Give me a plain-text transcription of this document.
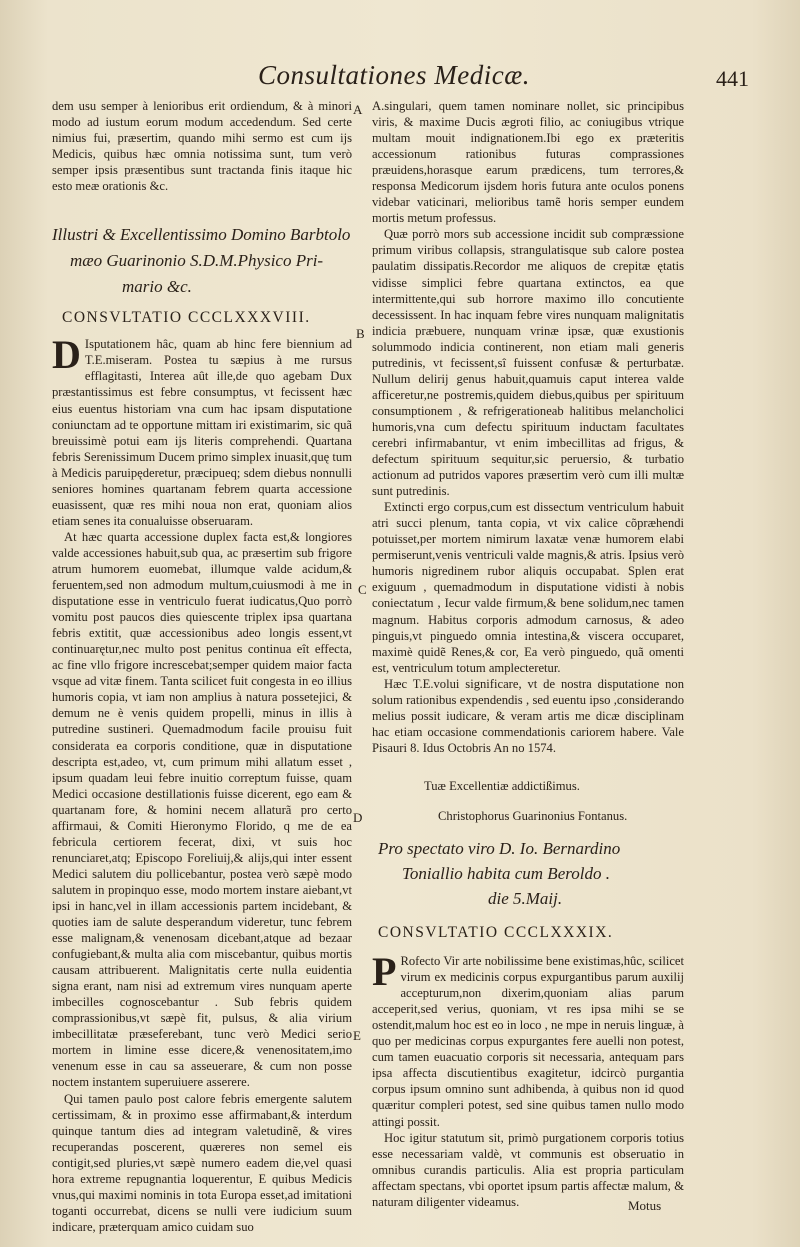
Consultationes Medicæ.	441
A
B
C
D
E

dem usu semper à lenioribus erit ordiendum, & à minori modo ad iustum eorum modum accedendum. Sed certe nimius fui, præsertim, quando mihi sermo est cum ijs Medicis, quibus hæc omnia notissima sunt, tum verò semper ipsis præsentibus sunt tractanda finis itaque hic esto meæ orationis &c.

Illustri & Excellentissimo Domino Barbtolo
mæo Guarinonio S.D.M.Physico Pri-
mario &c.
CONSVLTATIO CCCLXXXVIII.

D Isputationem hâc, quam ab hinc fere biennium ad T.E.miseram. Postea tu sæpius à me rursus efflagitasti, Interea aût ille,de quo agebam Dux præstantissimus est febre consumptus, vt fecissent hæc eius euentus historiam vna cum hac ipsam disputatione coniunctam ad te opportune mittam iri existimarim, sic quã breuissimè potui eam ijs literis comprehendi. Quartana febris Serenissimum Ducem primo simplex inuasit,quę tum à Medicis paruipęderetur, præcipueq; sdem diebus nonnulli seniores homines quartanam febrem quarta accessione euasissent, quæ res mihi noua non erat, quoniam alios etiam senes ita conualuisse obseruaram.

At hæc quarta accessione duplex facta est,& longiores valde accessiones habuit,sub qua, ac præsertim sub frigore atrum humorem euomebat, illumque valde acidum,& feruentem,sed non admodum multum,cuiusmodi à me in disputatione esse in ventriculo fuerat iudicatus,Quo porrò vomitu post paucos dies quiescente triplex ipsa quartana febris extitit, quæ accessionibus adeo longis essent,vt continuarętur,nec multo post penitus continua eît effecta, ac fine vllo frigore increscebat;semper quidem maior facta vsque ad vitæ finem. Tanta scilicet fuit congesta in eo illius humoris copia, vt iam non amplius à natura possetejici, & demum ne è venis quidem propelli, minus in illis à putredine sustineri. Quemadmodum facile prouisu fuit considerata ea corporis conditione, quæ in disputatione descripta est,adeo, vt, cum primum mihi allatum esset , ipsum quadam leui febre inuitio correptum fuisse, quam Medici occasione destillationis fuisse dicerent, ego eam & quartanam fore, & homini necem allaturã pro certo affirmaui, & Comiti Hieronymo Florido, q me de ea febricula certiorem fecerat, dixi, vt suis hoc renunciaret,atq; Episcopo Foreliuij,& alijs,qui inter essent Medici salutem diu pollicebantur, postea verò sæpè modo salutem in propinquo esse, modo mortem instare aiebant,vt ipsi in hanc,vel in illam accessionis partem incidebant, & quoties iam de salute desperandum videretur, tunc febrem esse malignam,& venenosam dicebant,atque ad bezaar confugiebant,& multa alia com miscebantur, quibus mortis causam attribuerent. Malignitatis certe nulla euidentia signa erant, nam nisi ad extremum vires nunquam aperte imbecilles cognoscebantur . Sub febris quidem comprassionibus,vt sæpè fit, pulsus, & alia virium imbecillitatæ præseferebant, tunc verò Medici serio mortem in limine esse dicere,& venenositatem,imo venenum esse in cau sa asseuerare, & cum non posse noctem instantem superuiuere asserere.

Qui tamen paulo post calore febris emergente salutem certissimam, & in proximo esse affirmabant,& interdum quinque tantum dies ad integram valetudinẽ, & vires recuperandas poscerent, quæreres non semel eis contigit,sed pluries,vt sæpè numero eadem die,vel quasi hora extreme repugnantia loquerentur, E quibus Medicis vnus,qui maximi nominis in tota Europa esset,ad imitationi toganti occurrebat, dicens se nulli vere iudicium suum indicare, præterquam amico cuidam suo

A.singulari, quem tamen nominare nollet, sic principibus viris, & maxime Ducis ægroti filio, ac coniugibus vtrique multam mouit indignationem.Ibi ego ex præteritis accessionum rationibus futuras comprassiones præuidens,horasque earum prædicens, tum terrores,& responsa Medicorum ijsdem horis futura ante oculos ponens videbar vaticinari, melioribus tamẽ horis semper eundem mortis metum professus.

Quæ porrò mors sub accessione incidit sub compræssione primum viribus collapsis, strangulatisque sub calore postea paulatim dissipatis.Recordor me aliquos de crepitæ ętatis vidisse simplici febre quartana extinctos, ea que intermittente,qui sub horrore maximo illo concutiente decessissent. In hac inquam febre vires nunquam malignitatis indicia præbuere, nunquam vrinæ ipsæ, quæ exustionis solummodo indicia continerent, non etiam mali generis putredinis, vt fecissent,sî fuissent confusæ & perturbatæ. Nullum delirij genus habuit,quamuis caput interea valde afficeretur,ne postremis,quidem diebus,quibus per spirituum consumptionem , & refrigerationeab halitibus melancholici humoris,vna cum defectu spirituum inductam facultates cerebri infirmabantur, vt enim imbecillitas ad frigus, & defectum spirituum sequitur,sic peruersio, & turbatio actionum ad putridos vapores præsertim verò cum illi multæ sunt putredinis.

Extincti ergo corpus,cum est dissectum ventriculum habuit atri succi plenum, tanta copia, vt vix calice cõpræhendi potuisset,per mortem nimirum laxatæ venæ humorem elabi permiserunt,venis ventriculi valde magnis,& atris. Ipsius verò humoris nigredinem rubor aliquis occupabat. Splen erat exiguum , quemadmodum in disputatione vidisti à nobis coniectatum , Iecur valde firmum,& bene solidum,nec tamen magnum. Habitus corporis admodum carnosus, & adeo pinguis,vt pinguedo omnia intestina,& viscera occuparet, maximè quidẽ Renes,& cor, Ea verò pinguedo, quã omenti est, ventriculum totum amplecteretur.

Hæc T.E.volui significare, vt de nostra disputatione non solum rationibus expendendis , sed euentu ipso ,considerando melius possit iudicare, & veram artis me dicæ disciplinam hac etiam occasione commendationis cariorem habere. Vale Pisauri 8. Idus Octobris An no 1574.

Tuæ Excellentiæ addictißimus.

Christophorus Guarinonius Fontanus.

Pro spectato viro D. Io. Bernardino
Toniallio habita cum Beroldo .
die 5.Maij.
CONSVLTATIO CCCLXXXIX.

P Rofecto Vir arte nobilissime bene existimas,hûc, scilicet virum ex medicinis corpus expurgantibus parum auxilij accepturum,non dixerim,quoniam alias parum acceperit,sed verius, quoniam, vt res ipsa mihi se se ostendit,malum hoc est eo in loco , ne mpe in neruis linguæ, à quo per medicinas corpus expurgantes fere auelli non potest, cum tamen euacuatio corporis sit necessaria, antequam pars ipsa affecta discutientibus exagitetur, idcircò purgantia corpus ipsum omnino sunt adhibenda, à quibus non id quod quæritur compleri potest, sed sine quibus tamen nullo modo attingi possit.

Hoc igitur statutum sit, primò purgationem corporis totius esse necessariam valdè, vt communis est obseruatio in omnibus curandis particulis. Alia est propria particulam affectam spectans, vbi oportet ipsum partis affectæ malum, & naturam diligenter videamus.	Motus
